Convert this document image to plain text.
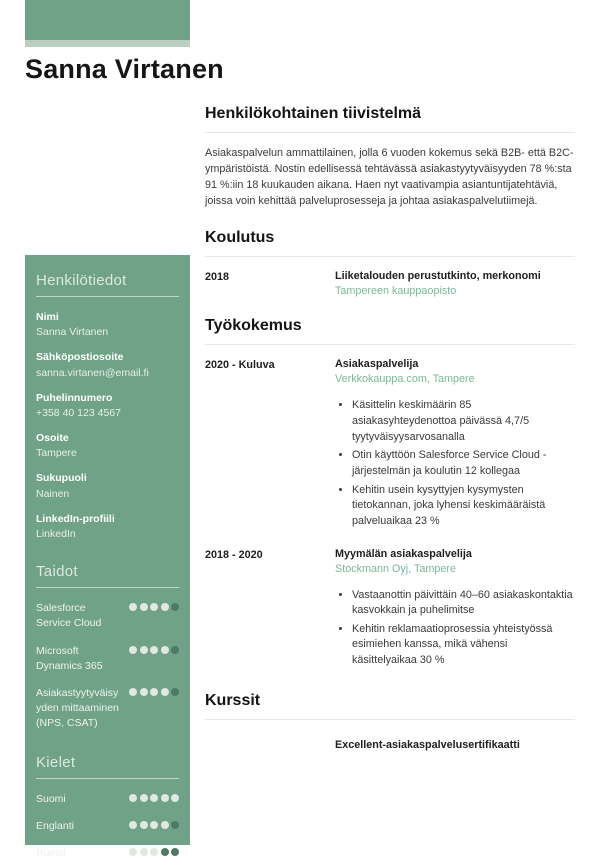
Sanna Virtanen
Henkilötiedot
Nimi
Sanna Virtanen
Sähköpostiosoite
sanna.virtanen@email.fi
Puhelinnumero
+358 40 123 4567
Osoite
Tampere
Sukupuoli
Nainen
LinkedIn-profiili
LinkedIn
Taidot
Salesforce Service Cloud
Microsoft Dynamics 365
Asiakastyytyväisyyden mittaaminen (NPS, CSAT)
Kielet
Suomi
Englanti
Ruotsi
Henkilökohtainen tiivistelmä

Asiakaspalvelun ammattilainen, jolla 6 vuoden kokemus sekä B2B- että B2C-ympäristöistä. Nostin edellisessä tehtävässä asiakastyytyväisyyden 78 %:sta 91 %:iin 18 kuukauden aikana. Haen nyt vaativampia asiantuntijatehtäviä, joissa voin kehittää palveluprosesseja ja johtaa asiakaspalvelutiimejä.

Koulutus
2018	Liiketalouden perustutkinto, merkonomi
Tampereen kauppaopisto
Työkokemus
2020 - Kuluva	Asiakaspalvelija
Verkkokauppa.com, Tampere
• Käsittelin keskimäärin 85 asiakasyhteydenottoa päivässä 4,7/5 tyytyväisyysarvosanalla
• Otin käyttöön Salesforce Service Cloud -järjestelmän ja koulutin 12 kollegaa
• Kehitin usein kysyttyjen kysymysten tietokannan, joka lyhensi keskimääräistä palveluaikaa 23 %
2018 - 2020	Myymälän asiakaspalvelija
Stockmann Oyj, Tampere
• Vastaanottin päivittäin 40–60 asiakaskontaktia kasvokkain ja puhelimitse
• Kehitin reklamaatioprosessia yhteistyössä esimiehen kanssa, mikä vähensi käsittelyaikaa 30 %
Kurssit
Excellent-asiakaspalvelusertifikaatti
